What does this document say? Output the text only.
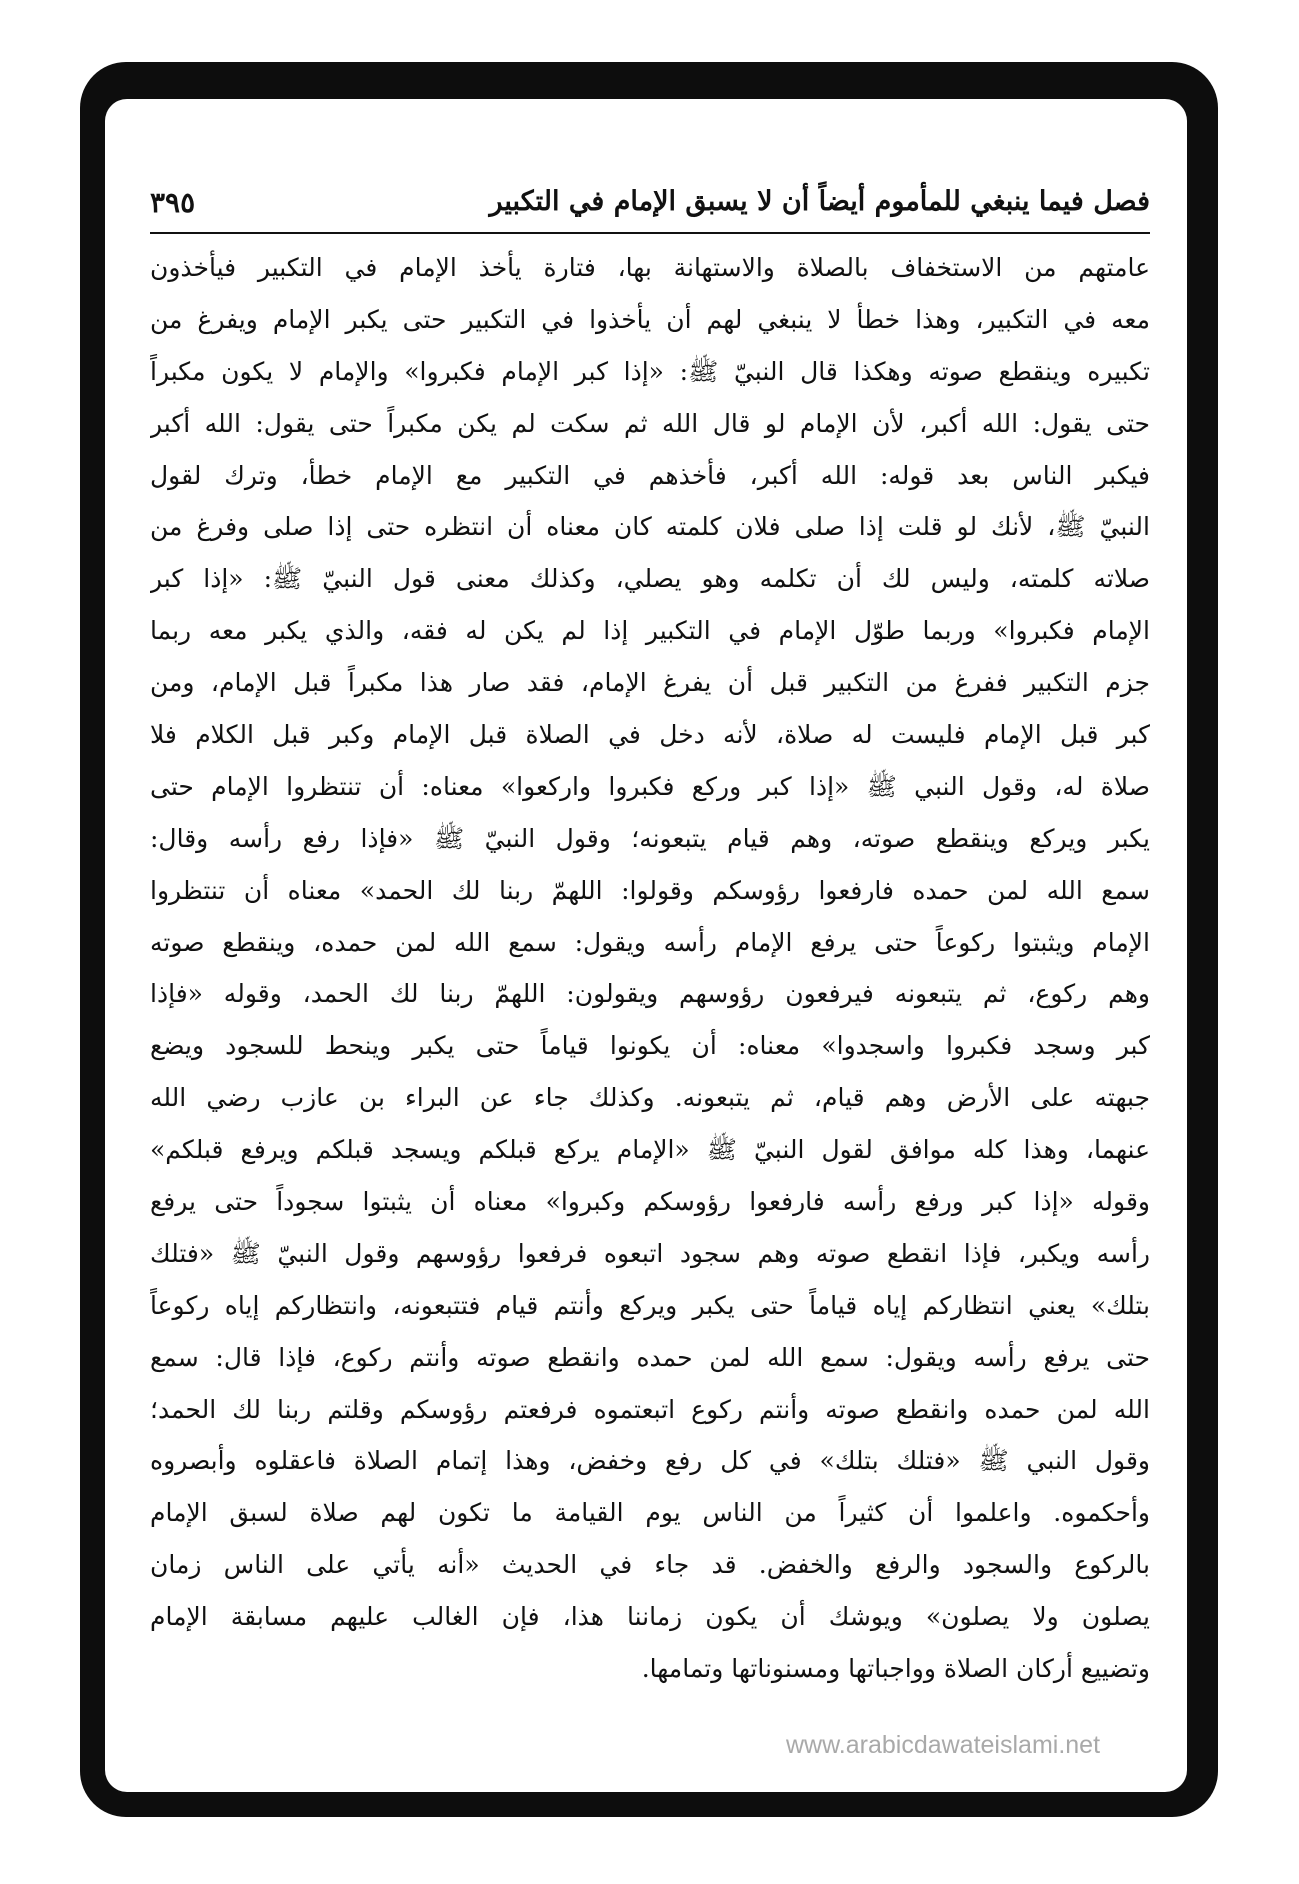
فصل فيما ينبغي للمأموم أيضاً أن لا يسبق الإمام في التكبير
٣٩٥
عامتهم من الاستخفاف بالصلاة والاستهانة بها، فتارة يأخذ الإمام في التكبير فيأخذون
معه في التكبير، وهذا خطأ لا ينبغي لهم أن يأخذوا في التكبير حتى يكبر الإمام ويفرغ من
تكبيره وينقطع صوته وهكذا قال النبيّ ﷺ: «إذا كبر الإمام فكبروا» والإمام لا يكون مكبراً
حتى يقول: الله أكبر، لأن الإمام لو قال الله ثم سكت لم يكن مكبراً حتى يقول: الله أكبر
فيكبر الناس بعد قوله: الله أكبر، فأخذهم في التكبير مع الإمام خطأ، وترك لقول
النبيّ ﷺ، لأنك لو قلت إذا صلى فلان كلمته كان معناه أن انتظره حتى إذا صلى وفرغ من
صلاته كلمته، وليس لك أن تكلمه وهو يصلي، وكذلك معنى قول النبيّ ﷺ: «إذا كبر
الإمام فكبروا» وربما طوّل الإمام في التكبير إذا لم يكن له فقه، والذي يكبر معه ربما
جزم التكبير ففرغ من التكبير قبل أن يفرغ الإمام، فقد صار هذا مكبراً قبل الإمام، ومن
كبر قبل الإمام فليست له صلاة، لأنه دخل في الصلاة قبل الإمام وكبر قبل الكلام فلا
صلاة له، وقول النبي ﷺ «إذا كبر وركع فكبروا واركعوا» معناه: أن تنتظروا الإمام حتى
يكبر ويركع وينقطع صوته، وهم قيام يتبعونه؛ وقول النبيّ ﷺ «فإذا رفع رأسه وقال:
سمع الله لمن حمده فارفعوا رؤوسكم وقولوا: اللهمّ ربنا لك الحمد» معناه أن تنتظروا
الإمام ويثبتوا ركوعاً حتى يرفع الإمام رأسه ويقول: سمع الله لمن حمده، وينقطع صوته
وهم ركوع، ثم يتبعونه فيرفعون رؤوسهم ويقولون: اللهمّ ربنا لك الحمد، وقوله «فإذا
كبر وسجد فكبروا واسجدوا» معناه: أن يكونوا قياماً حتى يكبر وينحط للسجود ويضع
جبهته على الأرض وهم قيام، ثم يتبعونه. وكذلك جاء عن البراء بن عازب رضي الله
عنهما، وهذا كله موافق لقول النبيّ ﷺ «الإمام يركع قبلكم ويسجد قبلكم ويرفع قبلكم»
وقوله «إذا كبر ورفع رأسه فارفعوا رؤوسكم وكبروا» معناه أن يثبتوا سجوداً حتى يرفع
رأسه ويكبر، فإذا انقطع صوته وهم سجود اتبعوه فرفعوا رؤوسهم وقول النبيّ ﷺ «فتلك
بتلك» يعني انتظاركم إياه قياماً حتى يكبر ويركع وأنتم قيام فتتبعونه، وانتظاركم إياه ركوعاً
حتى يرفع رأسه ويقول: سمع الله لمن حمده وانقطع صوته وأنتم ركوع، فإذا قال: سمع
الله لمن حمده وانقطع صوته وأنتم ركوع اتبعتموه فرفعتم رؤوسكم وقلتم ربنا لك الحمد؛
وقول النبي ﷺ «فتلك بتلك» في كل رفع وخفض، وهذا إتمام الصلاة فاعقلوه وأبصروه
وأحكموه. واعلموا أن كثيراً من الناس يوم القيامة ما تكون لهم صلاة لسبق الإمام
بالركوع والسجود والرفع والخفض. قد جاء في الحديث «أنه يأتي على الناس زمان
يصلون ولا يصلون» ويوشك أن يكون زماننا هذا، فإن الغالب عليهم مسابقة الإمام
وتضييع أركان الصلاة وواجباتها ومسنوناتها وتمامها.
www.arabicdawateislami.net
